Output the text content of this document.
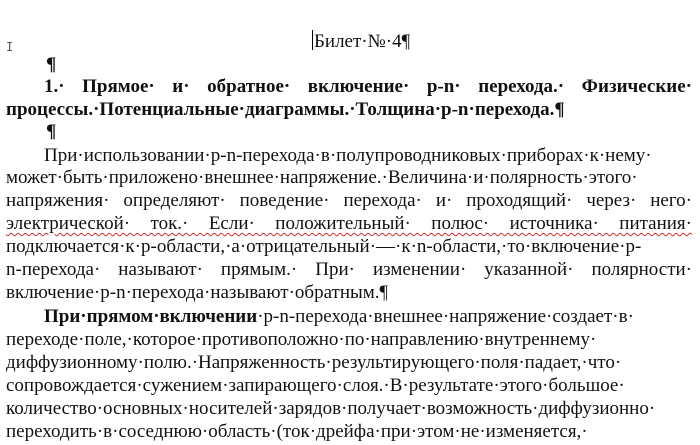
I	Билет·№·4¶
¶
1.· Прямое· и· обратное· включение· p-n· перехода.· Физические·
процессы.·Потенциальные·диаграммы.·Толщина·p-n·перехода.¶
¶
При·использовании·p-n-перехода·в·полупроводниковых·приборах·к·нему·
может·быть·приложено·внешнее·напряжение.·Величина·и·полярность·этого·
напряжения· определяют· поведение· перехода· и· проходящий· через· него·
электрической· ток.· Если· положительный· полюс· источника· питания·
подключается·к·р-области,·а·отрицательный·—·к·n-области,·то·включение·р-
n-перехода· называют· прямым.· При· изменении· указанной· полярности·
включение·p-n·перехода·называют·обратным.¶
При·прямом·включении·p-n-перехода·внешнее·напряжение·создает·в·
переходе·поле,·которое·противоположно·по·направлению·внутреннему·
диффузионному·полю.·Напряженность·результирующего·поля·падает,·что·
сопровождается·сужением·запирающего·слоя.·В·результате·этого·большое·
количество·основных·носителей·зарядов·получает·возможность·диффузионно·
переходить·в·соседнюю·область·(ток·дрейфа·при·этом·не·изменяется,·
